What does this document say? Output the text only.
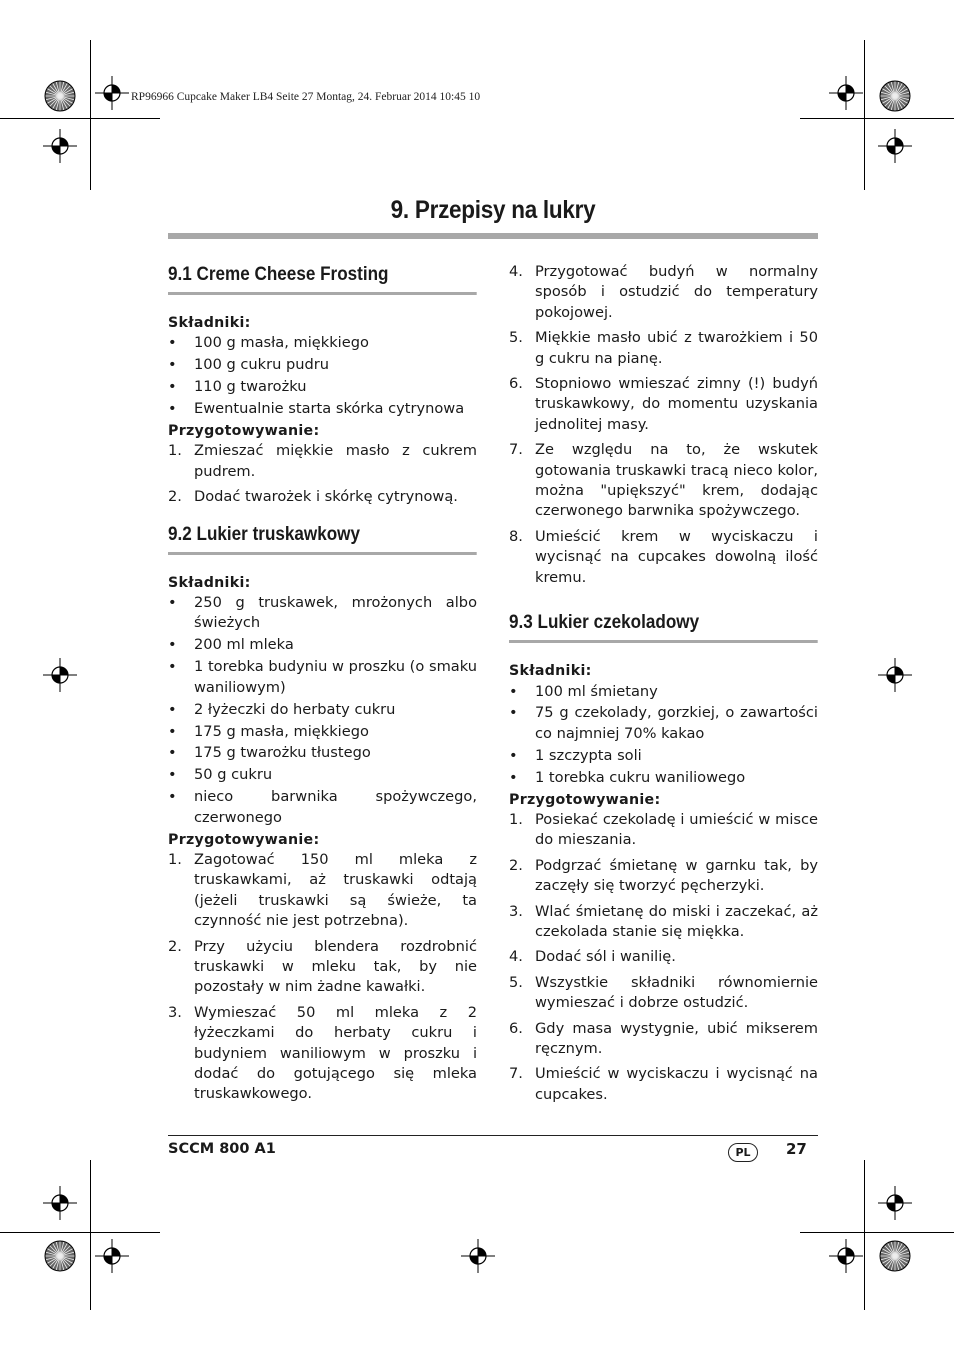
RP96966 Cupcake Maker LB4 Seite 27 Montag, 24. Februar 2014 10:45 10
9. Przepisy na lukry
9.1 Creme Cheese Frosting

Składniki:

• 100 g masła, miękkiego
• 100 g cukru pudru
• 110 g twarożku
• Ewentualnie starta skórka cytrynowa

Przygotowywanie:

1. Zmieszać miękkie masło z cukrem pudrem.
2. Dodać twarożek i skórkę cytrynową.
9.2 Lukier truskawkowy

Składniki:

• 250 g truskawek, mrożonych albo świeżych
• 200 ml mleka
• 1 torebka budyniu w proszku (o smaku waniliowym)
• 2 łyżeczki do herbaty cukru
• 175 g masła, miękkiego
• 175 g twarożku tłustego
• 50 g cukru
• nieco barwnika spożywczego, czerwonego

Przygotowywanie:

1. Zagotować 150 ml mleka z truskawkami, aż truskawki odtają (jeżeli truskawki są świeże, ta czynność nie jest potrzebna).
2. Przy użyciu blendera rozdrobnić truskawki w mleku tak, by nie pozostały w nim żadne kawałki.
3. Wymieszać 50 ml mleka z 2 łyżeczkami do herbaty cukru i budyniem waniliowym w proszku i dodać do gotującego się mleka truskawkowego.
4. Przygotować budyń w normalny sposób i ostudzić do temperatury pokojowej.
5. Miękkie masło ubić z twarożkiem i 50 g cukru na pianę.
6. Stopniowo wmieszać zimny (!) budyń truskawkowy, do momentu uzyskania jednolitej masy.
7. Ze względu na to, że wskutek gotowania truskawki tracą nieco kolor, można "upiększyć" krem, dodając czerwonego barwnika spożywczego.
8. Umieścić krem w wyciskaczu i wycisnąć na cupcakes dowolną ilość kremu.
9.3 Lukier czekoladowy

Składniki:

• 100 ml śmietany
• 75 g czekolady, gorzkiej, o zawartości co najmniej 70% kakao
• 1 szczypta soli
• 1 torebka cukru waniliowego

Przygotowywanie:

1. Posiekać czekoladę i umieścić w misce do mieszania.
2. Podgrzać śmietanę w garnku tak, by zaczęły się tworzyć pęcherzyki.
3. Wlać śmietanę do miski i zaczekać, aż czekolada stanie się miękka.
4. Dodać sól i wanilię.
5. Wszystkie składniki równomiernie wymieszać i dobrze ostudzić.
6. Gdy masa wystygnie, ubić mikserem ręcznym.
7. Umieścić w wyciskaczu i wycisnąć na cupcakes.
SCCM 800 A1	PL	27
